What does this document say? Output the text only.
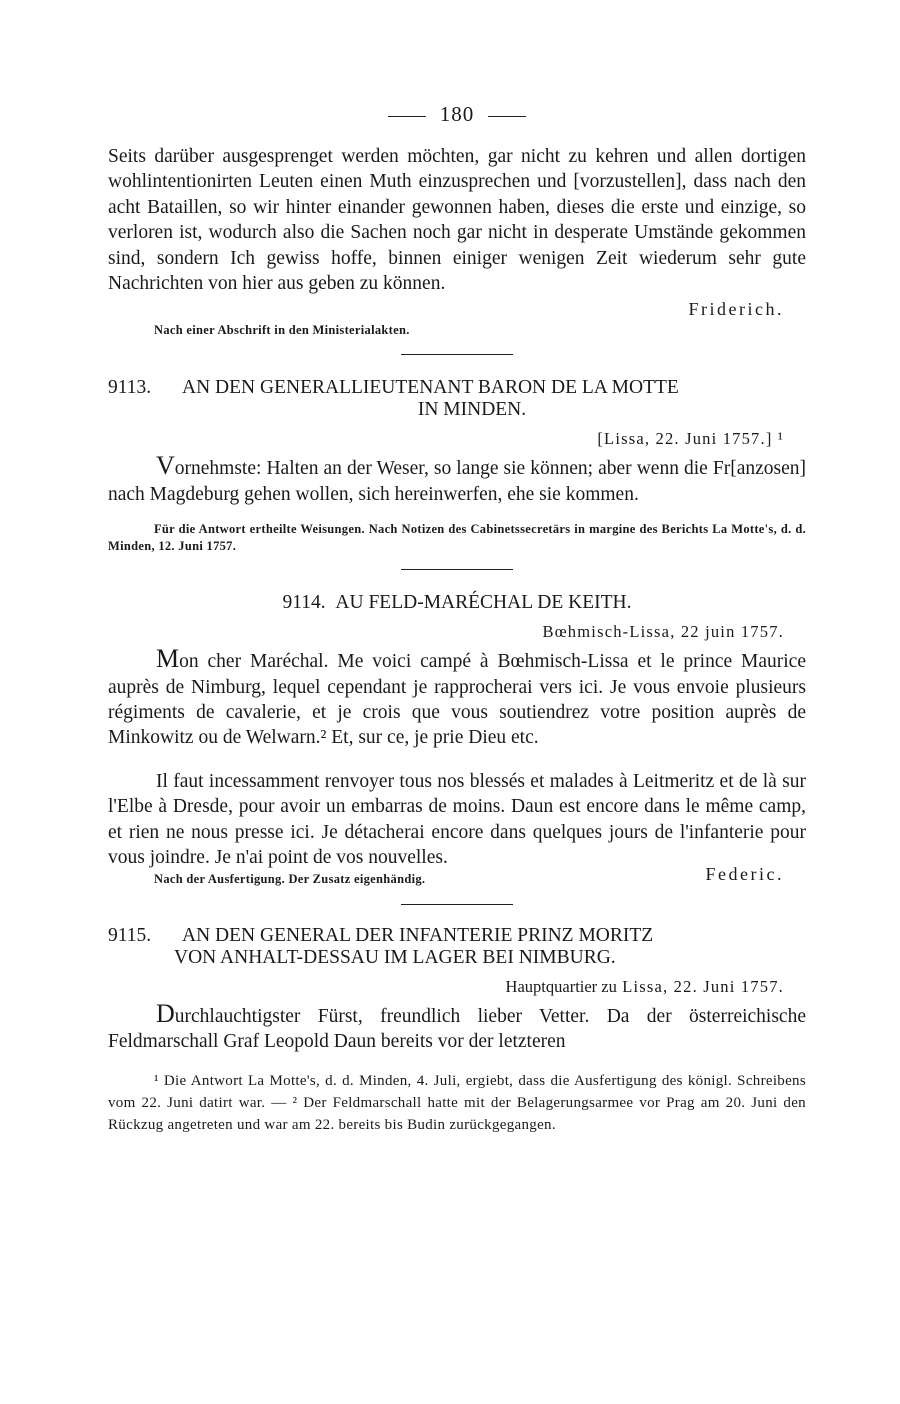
180

Seits darüber ausgesprenget werden möchten, gar nicht zu kehren und allen dortigen wohlintentionirten Leuten einen Muth einzusprechen und [vorzustellen], dass nach den acht Bataillen, so wir hinter einander gewonnen haben, dieses die erste und einzige, so verloren ist, wodurch also die Sachen noch gar nicht in desperate Umstände gekommen sind, sondern Ich gewiss hoffe, binnen einiger wenigen Zeit wiederum sehr gute Nachrichten von hier aus geben zu können.

Friderich.
Nach einer Abschrift in den Ministerialakten.
9113.	AN DEN GENERALLIEUTENANT BARON DE LA MOTTE
IN MINDEN.
[Lissa, 22. Juni 1757.] ¹

Vornehmste: Halten an der Weser, so lange sie können; aber wenn die Fr[anzosen] nach Magdeburg gehen wollen, sich hereinwerfen, ehe sie kommen.

Für die Antwort ertheilte Weisungen. Nach Notizen des Cabinetssecretärs in margine des Berichts La Motte's, d. d. Minden, 12. Juni 1757.
9114. AU FELD-MARÉCHAL DE KEITH.
Bœhmisch-Lissa, 22 juin 1757.

Mon cher Maréchal. Me voici campé à Bœhmisch-Lissa et le prince Maurice auprès de Nimburg, lequel cependant je rapprocherai vers ici. Je vous envoie plusieurs régiments de cavalerie, et je crois que vous soutiendrez votre position auprès de Minkowitz ou de Welwarn.² Et, sur ce, je prie Dieu etc.

Il faut incessamment renvoyer tous nos blessés et malades à Leitmeritz et de là sur l'Elbe à Dresde, pour avoir un embarras de moins. Daun est encore dans le même camp, et rien ne nous presse ici. Je détacherai encore dans quelques jours de l'infanterie pour vous joindre. Je n'ai point de vos nouvelles.

Nach der Ausfertigung. Der Zusatz eigenhändig.	Federic.
9115.	AN DEN GENERAL DER INFANTERIE PRINZ MORITZ
VON ANHALT-DESSAU IM LAGER BEI NIMBURG.
Hauptquartier zu Lissa, 22. Juni 1757.

Durchlauchtigster Fürst, freundlich lieber Vetter. Da der österreichische Feldmarschall Graf Leopold Daun bereits vor der letzteren

¹ Die Antwort La Motte's, d. d. Minden, 4. Juli, ergiebt, dass die Ausfertigung des königl. Schreibens vom 22. Juni datirt war. — ² Der Feldmarschall hatte mit der Belagerungsarmee vor Prag am 20. Juni den Rückzug angetreten und war am 22. bereits bis Budin zurückgegangen.
